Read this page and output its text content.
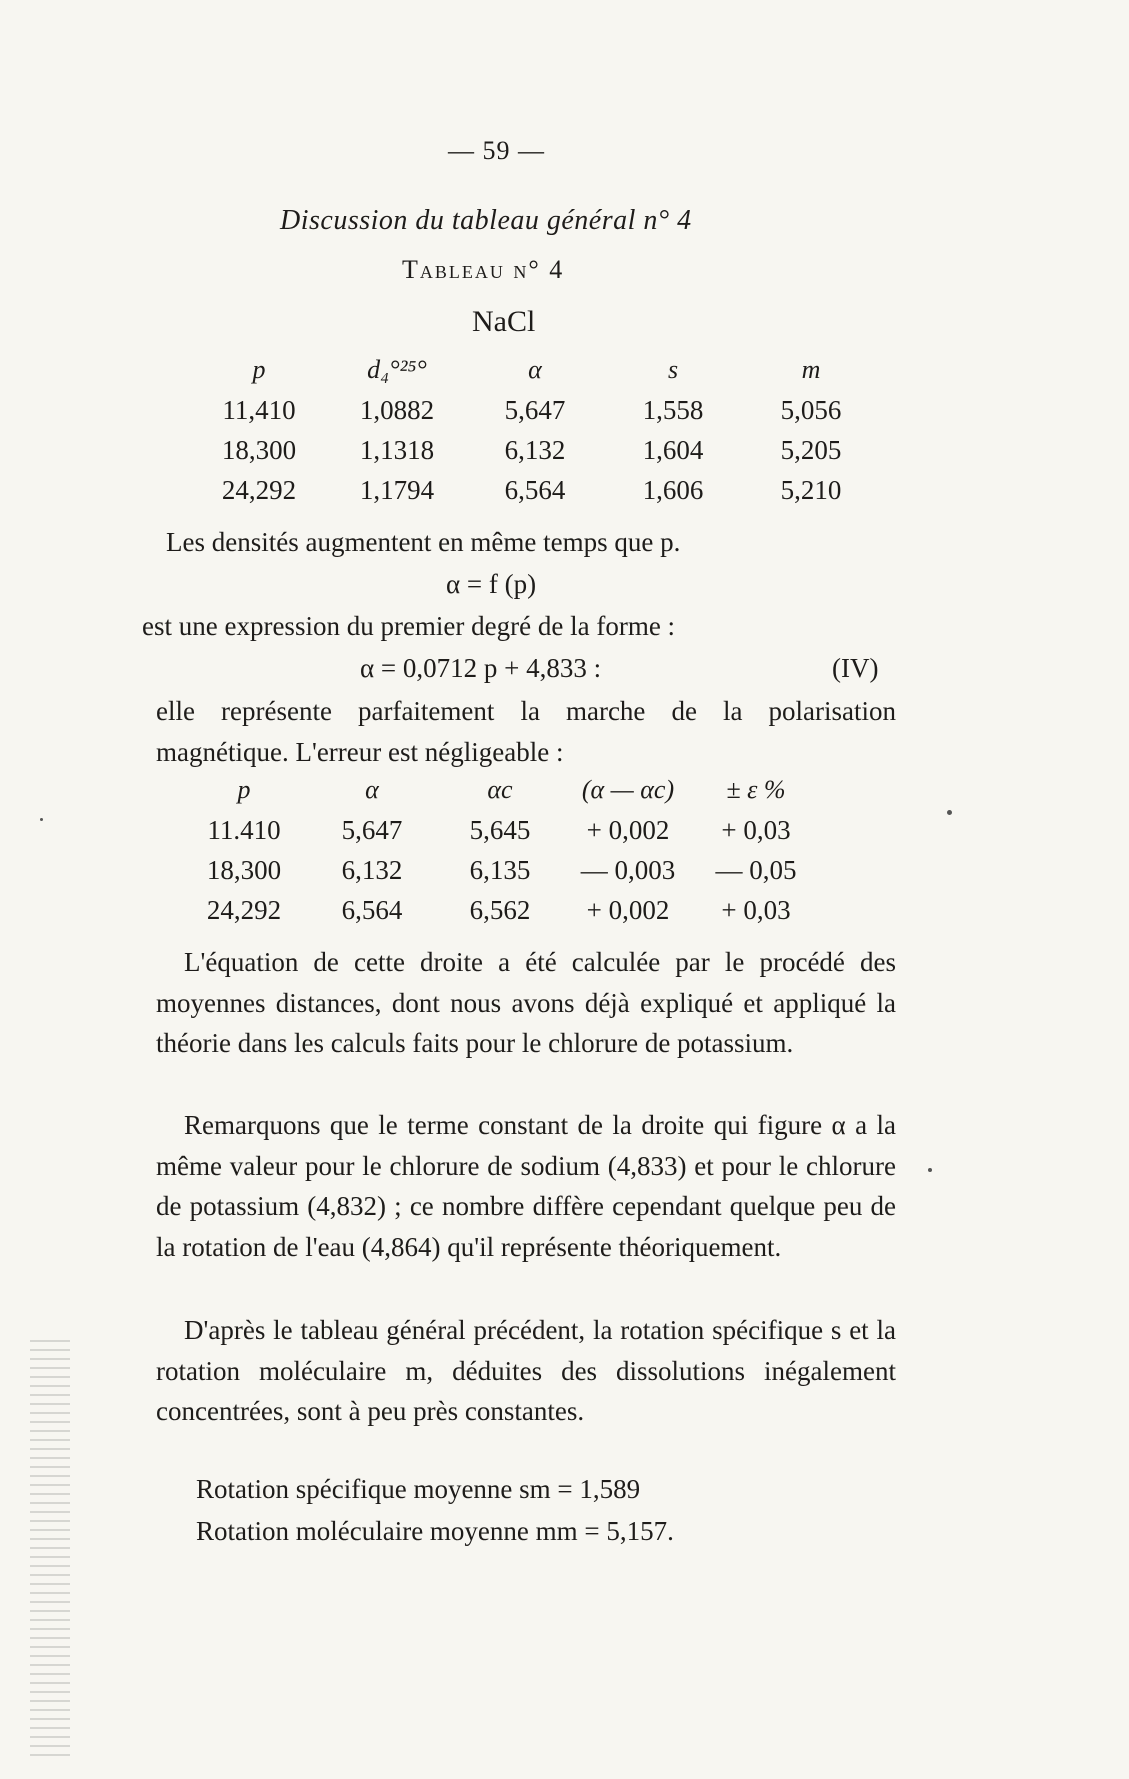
— 59 —
Discussion du tableau général n° 4
Tableau n° 4
NaCl
p	d₄°²⁵°	α	s	m
11,410	1,0882	5,647	1,558	5,056
18,300	1,1318	6,132	1,604	5,205
24,292	1,1794	6,564	1,606	5,210
Les densités augmentent en même temps que p.
α = f (p)
est une expression du premier degré de la forme :
α = 0,0712 p + 4,833 :	(IV)
elle représente parfaitement la marche de la polarisation magnétique. L'erreur est négligeable :
p	α	αc	(α — αc)	± ε %
11.410	5,647	5,645	+ 0,002	+ 0,03
18,300	6,132	6,135	— 0,003	— 0,05
24,292	6,564	6,562	+ 0,002	+ 0,03
L'équation de cette droite a été calculée par le procédé des moyennes distances, dont nous avons déjà expliqué et appliqué la théorie dans les calculs faits pour le chlorure de potassium.
Remarquons que le terme constant de la droite qui figure α a la même valeur pour le chlorure de sodium (4,833) et pour le chlorure de potassium (4,832) ; ce nombre diffère cependant quelque peu de la rotation de l'eau (4,864) qu'il représente théoriquement.
D'après le tableau général précédent, la rotation spécifique s et la rotation moléculaire m, déduites des dissolutions inégalement concentrées, sont à peu près constantes.
Rotation spécifique moyenne sm = 1,589
Rotation moléculaire moyenne mm = 5,157.
